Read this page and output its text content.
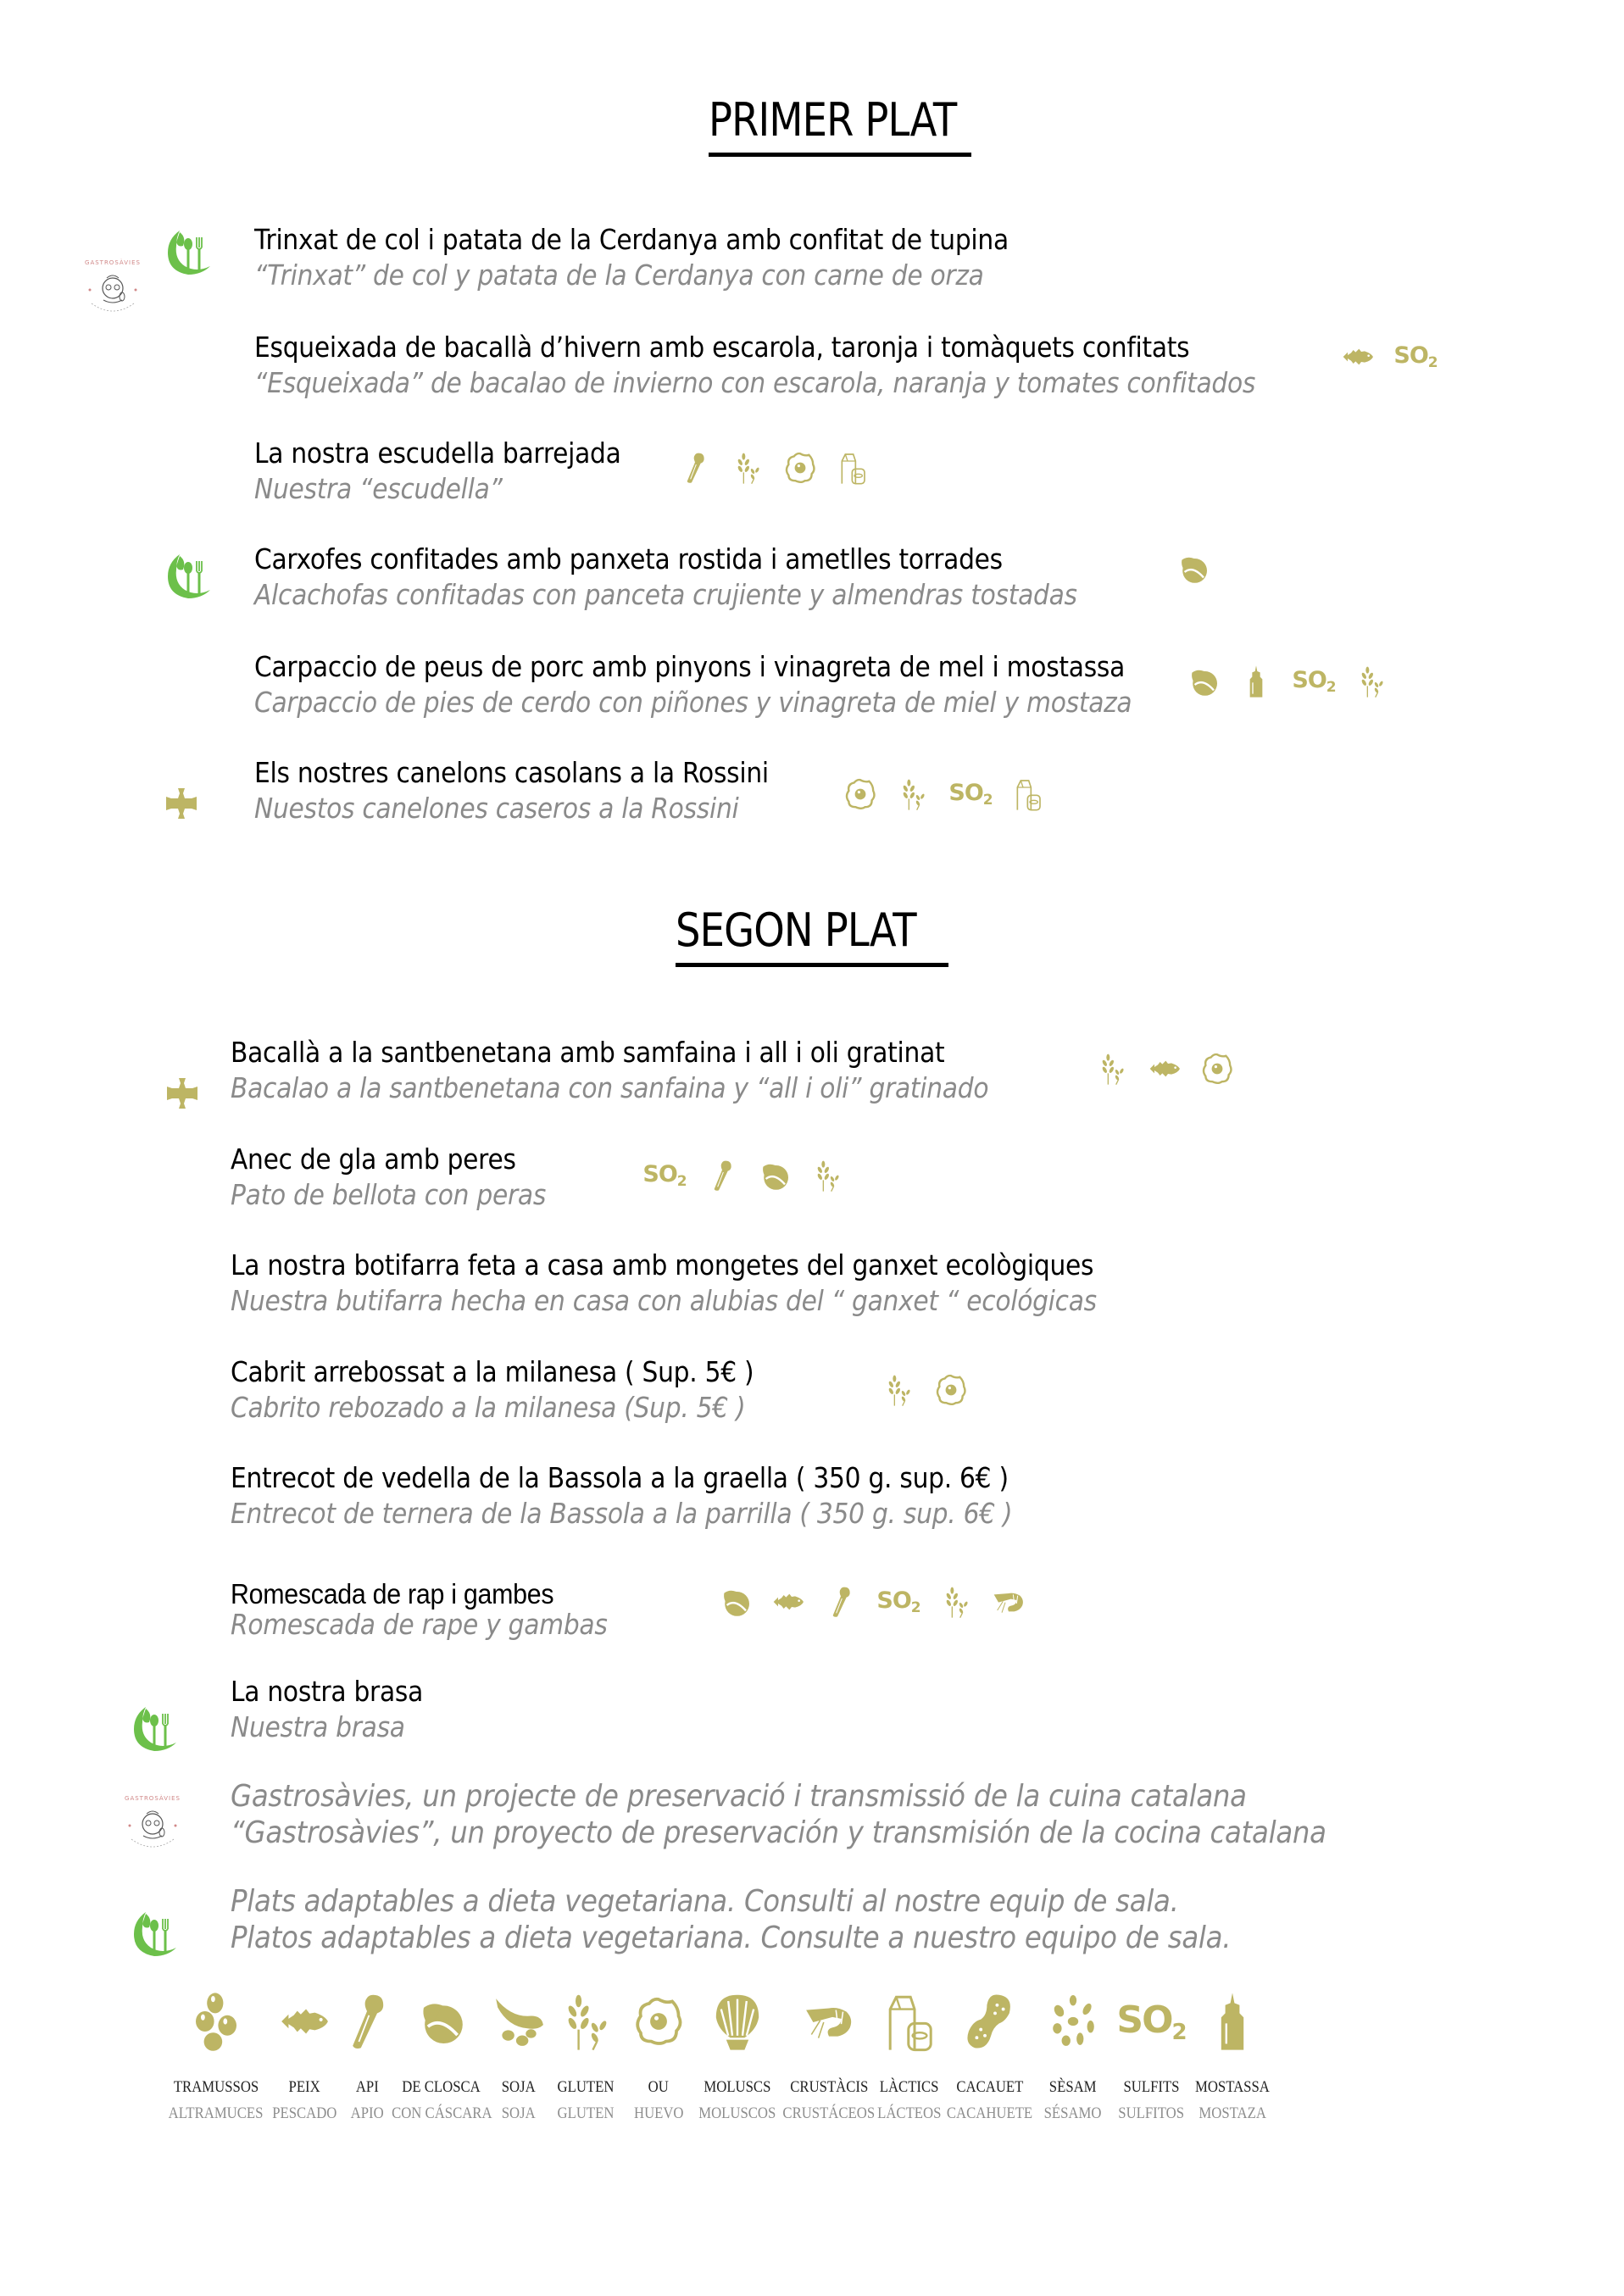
PRIMER PLAT
Trinxat de col i patata de la Cerdanya amb confitat de tupina
“Trinxat” de col y patata de la Cerdanya con carne de orza
GASTROSÀVIES
Esqueixada de bacallà d’hivern amb escarola, taronja i tomàquets confitats
“Esqueixada” de bacalao de invierno con escarola, naranja y tomates confitados
$SO_2$
La nostra escudella barrejada
Nuestra “escudella”
Carxofes confitades amb panxeta rostida i ametlles torrades
Alcachofas confitadas con panceta crujiente y almendras tostadas
Carpaccio de peus de porc amb pinyons i vinagreta de mel i mostassa
Carpaccio de pies de cerdo con piñones y vinagreta de miel y mostaza
$SO_2$
Els nostres canelons casolans a la Rossini
Nuestos canelones caseros a la Rossini	$SO_2$
SEGON PLAT
Bacallà a la santbenetana amb samfaina i all i oli gratinat
Bacalao a la santbenetana con sanfaina y “all i oli” gratinado
Anec de gla amb peres
Pato de bellota con peras
$SO_2$
La nostra botifarra feta a casa amb mongetes del ganxet ecològiques
Nuestra butifarra hecha en casa con alubias del “ ganxet “ ecológicas
Cabrit arrebossat a la milanesa ( Sup. 5€ )
Cabrito rebozado a la milanesa (Sup. 5€ )
Entrecot de vedella de la Bassola a la graella ( 350 g. sup. 6€ )
Entrecot de ternera de la Bassola a la parrilla ( 350 g. sup. 6€ )
Romescada de rap i gambes
Romescada de rape y gambas
$SO_2$
La nostra brasa
Nuestra brasa
GASTROSÀVIES Gastrosàvies, un projecte de preservació i transmissió de la cuina catalana
“Gastrosàvies”, un proyecto de preservación y transmisión de la cocina catalana
Plats adaptables a dieta vegetariana. Consulti al nostre equip de sala.
Platos adaptables a dieta vegetariana. Consulte a nuestro equipo de sala.
TRAMUSSOS
ALTRAMUCES
PEIX
PESCADO
API
APIO
DE CLOSCA
CON CÁSCARA
SOJA
SOJA
GLUTEN
GLUTEN
OU
HUEVO
MOLUSCS
MOLUSCOS
CRUSTÀCIS
CRUSTÁCEOS
LÀCTICS
LÁCTEOS
CACAUET
CACAHUETE
SÈSAM
SÉSAMO
$SO_2$
SULFITS
SULFITOS
MOSTASSA
MOSTAZA
